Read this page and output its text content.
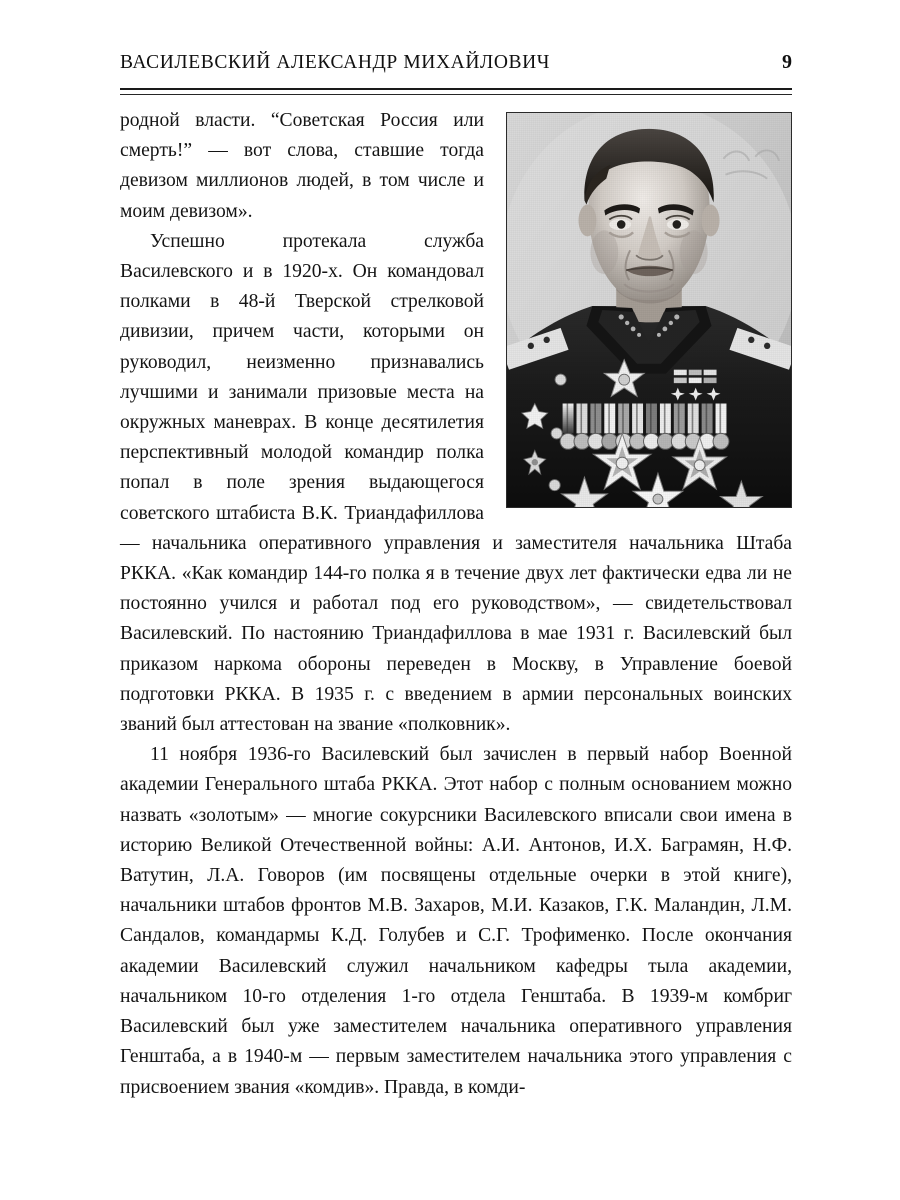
ВАСИЛЕВСКИЙ АЛЕКСАНДР МИХАЙЛОВИЧ	9

родной власти. “Советская Россия или смерть!” — вот слова, ставшие тогда девизом миллионов людей, в том числе и моим девизом».

Успешно протекала служба Василевского и в 1920-х. Он командовал полками в 48-й Тверской стрелковой дивизии, причем части, которыми он руководил, неизменно признавались лучшими и занимали призовые места на окружных маневрах. В конце десятилетия перспективный молодой командир полка попал в поле зрения выдающегося советского штабиста В.К. Триандафиллова — начальника оперативного управления и заместителя начальника Штаба РККА. «Как командир 144-го полка я в течение двух лет фактически едва ли не постоянно учился и работал под его руководством», — свидетельствовал Василевский. По настоянию Триандафиллова в мае 1931 г. Василевский был приказом наркома обороны переведен в Москву, в Управление боевой подготовки РККА. В 1935 г. с введением в армии персональных воинских званий был аттестован на звание «полковник».

11 ноября 1936-го Василевский был зачислен в первый набор Военной академии Генерального штаба РККА. Этот набор с полным основанием можно назвать «золотым» — многие сокурсники Василевского вписали свои имена в историю Великой Отечественной войны: А.И. Антонов, И.Х. Баграмян, Н.Ф. Ватутин, Л.А. Говоров (им посвящены отдельные очерки в этой книге), начальники штабов фронтов М.В. Захаров, М.И. Казаков, Г.К. Маландин, Л.М. Сандалов, командармы К.Д. Голубев и С.Г. Трофименко. После окончания академии Василевский служил начальником кафедры тыла академии, начальником 10-го отделения 1-го отдела Генштаба. В 1939-м комбриг Василевский был уже заместителем начальника оперативного управления Генштаба, а в 1940-м — первым заместителем начальника этого управления с присвоением звания «комдив». Правда, в комди-
